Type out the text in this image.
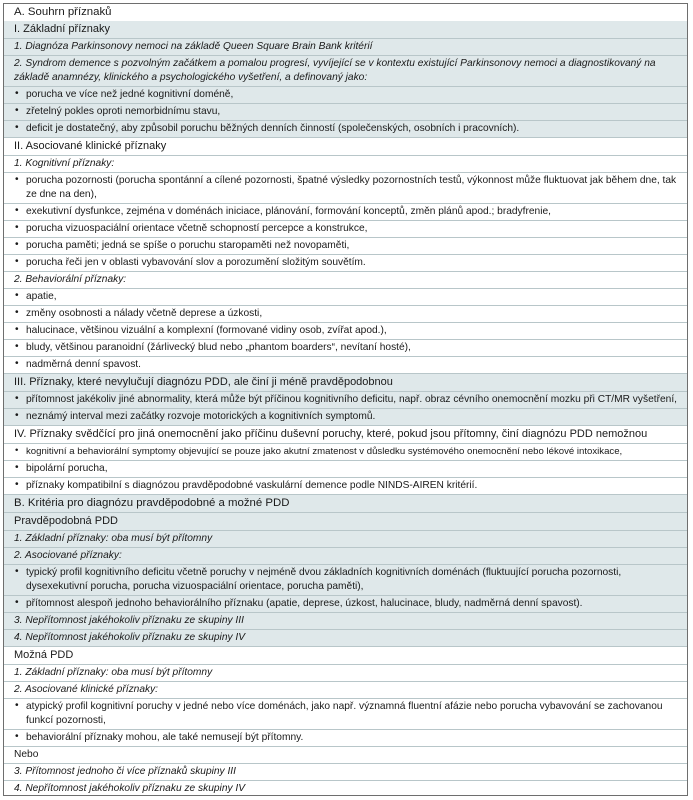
A. Souhrn příznaků
I. Základní příznaky
1. Diagnóza Parkinsonovy nemoci na základě Queen Square Brain Bank kritérií
2. Syndrom demence s pozvolným začátkem a pomalou progresí, vyvíjející se v kontextu existující Parkinsonovy nemoci a diagnostikovaný na základě anamnézy, klinického a psychologického vyšetření, a definovaný jako:
• porucha ve více než jedné kognitivní doméně,
• zřetelný pokles oproti nemorbidnímu stavu,
• deficit je dostatečný, aby způsobil poruchu běžných denních činností (společenských, osobních i pracovních).
II. Asociované klinické příznaky
1. Kognitivní příznaky:
• porucha pozornosti (porucha spontánní a cílené pozornosti, špatné výsledky pozornostních testů, výkonnost může fluktuovat jak během dne, tak ze dne na den),
• exekutivní dysfunkce, zejména v doménách iniciace, plánování, formování konceptů, změn plánů apod.; bradyfrenie,
• porucha vizuospaciální orientace včetně schopností percepce a konstrukce,
• porucha paměti; jedná se spíše o poruchu staropaměti než novopaměti,
• porucha řeči jen v oblasti vybavování slov a porozumění složitým souvětím.
2. Behaviorální příznaky:
• apatie,
• změny osobnosti a nálady včetně deprese a úzkosti,
• halucinace, většinou vizuální a komplexní (formované vidiny osob, zvířat apod.),
• bludy, většinou paranoidní (žárlivecký blud nebo „phantom boarders“, nevítaní hosté),
• nadměrná denní spavost.
III. Příznaky, které nevylučují diagnózu PDD, ale činí ji méně pravděpodobnou
• přítomnost jakékoliv jiné abnormality, která může být příčinou kognitivního deficitu, např. obraz cévního onemocnění mozku při CT/MR vyšetření,
• neznámý interval mezi začátky rozvoje motorických a kognitivních symptomů.
IV. Příznaky svědčící pro jiná onemocnění jako příčinu duševní poruchy, které, pokud jsou přítomny, činí diagnózu PDD nemožnou
• kognitivní a behaviorální symptomy objevující se pouze jako akutní zmatenost v důsledku systémového onemocnění nebo lékové intoxikace,
• bipolární porucha,
• příznaky kompatibilní s diagnózou pravděpodobné vaskulární demence podle NINDS-AIREN kritérií.
B. Kritéria pro diagnózu pravděpodobné a možné PDD
Pravděpodobná PDD
1. Základní příznaky: oba musí být přítomny
2. Asociované příznaky:
• typický profil kognitivního deficitu včetně poruchy v nejméně dvou základních kognitivních doménách (fluktuující porucha pozornosti, dysexekutivní porucha, porucha vizuospaciální orientace, porucha paměti),
• přítomnost alespoň jednoho behaviorálního příznaku (apatie, deprese, úzkost, halucinace, bludy, nadměrná denní spavost).
3. Nepřítomnost jakéhokoliv příznaku ze skupiny III
4. Nepřítomnost jakéhokoliv příznaku ze skupiny IV
Možná PDD
1. Základní příznaky: oba musí být přítomny
2. Asociované klinické příznaky:
• atypický profil kognitivní poruchy v jedné nebo více doménách, jako např. významná fluentní afázie nebo porucha vybavování se zachovanou funkcí pozornosti,
• behaviorální příznaky mohou, ale také nemusejí být přítomny.
Nebo
3. Přítomnost jednoho či více příznaků skupiny III
4. Nepřítomnost jakéhokoliv příznaku ze skupiny IV
